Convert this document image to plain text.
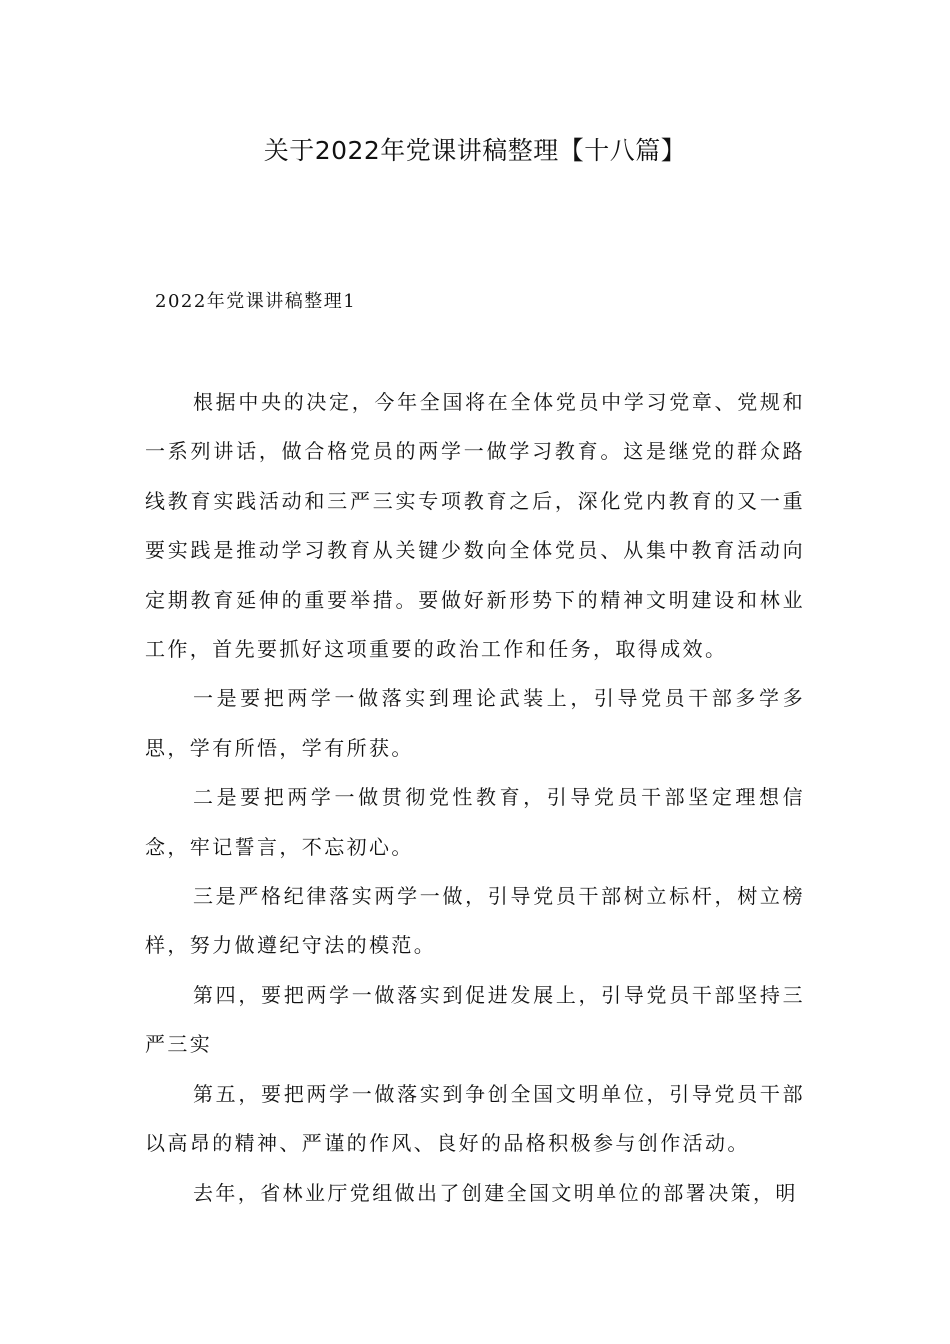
关于2022年党课讲稿整理【十八篇】
2022年党课讲稿整理1

根据中央的决定，今年全国将在全体党员中学习党章、党规和一系列讲话，做合格党员的两学一做学习教育。这是继党的群众路线教育实践活动和三严三实专项教育之后，深化党内教育的又一重要实践是推动学习教育从关键少数向全体党员、从集中教育活动向定期教育延伸的重要举措。要做好新形势下的精神文明建设和林业工作，首先要抓好这项重要的政治工作和任务，取得成效。

一是要把两学一做落实到理论武装上，引导党员干部多学多思，学有所悟，学有所获。

二是要把两学一做贯彻党性教育，引导党员干部坚定理想信念，牢记誓言，不忘初心。

三是严格纪律落实两学一做，引导党员干部树立标杆，树立榜样，努力做遵纪守法的模范。

第四，要把两学一做落实到促进发展上，引导党员干部坚持三严三实

第五，要把两学一做落实到争创全国文明单位，引导党员干部以高昂的精神、严谨的作风、良好的品格积极参与创作活动。

去年，省林业厅党组做出了创建全国文明单位的部署决策，明
